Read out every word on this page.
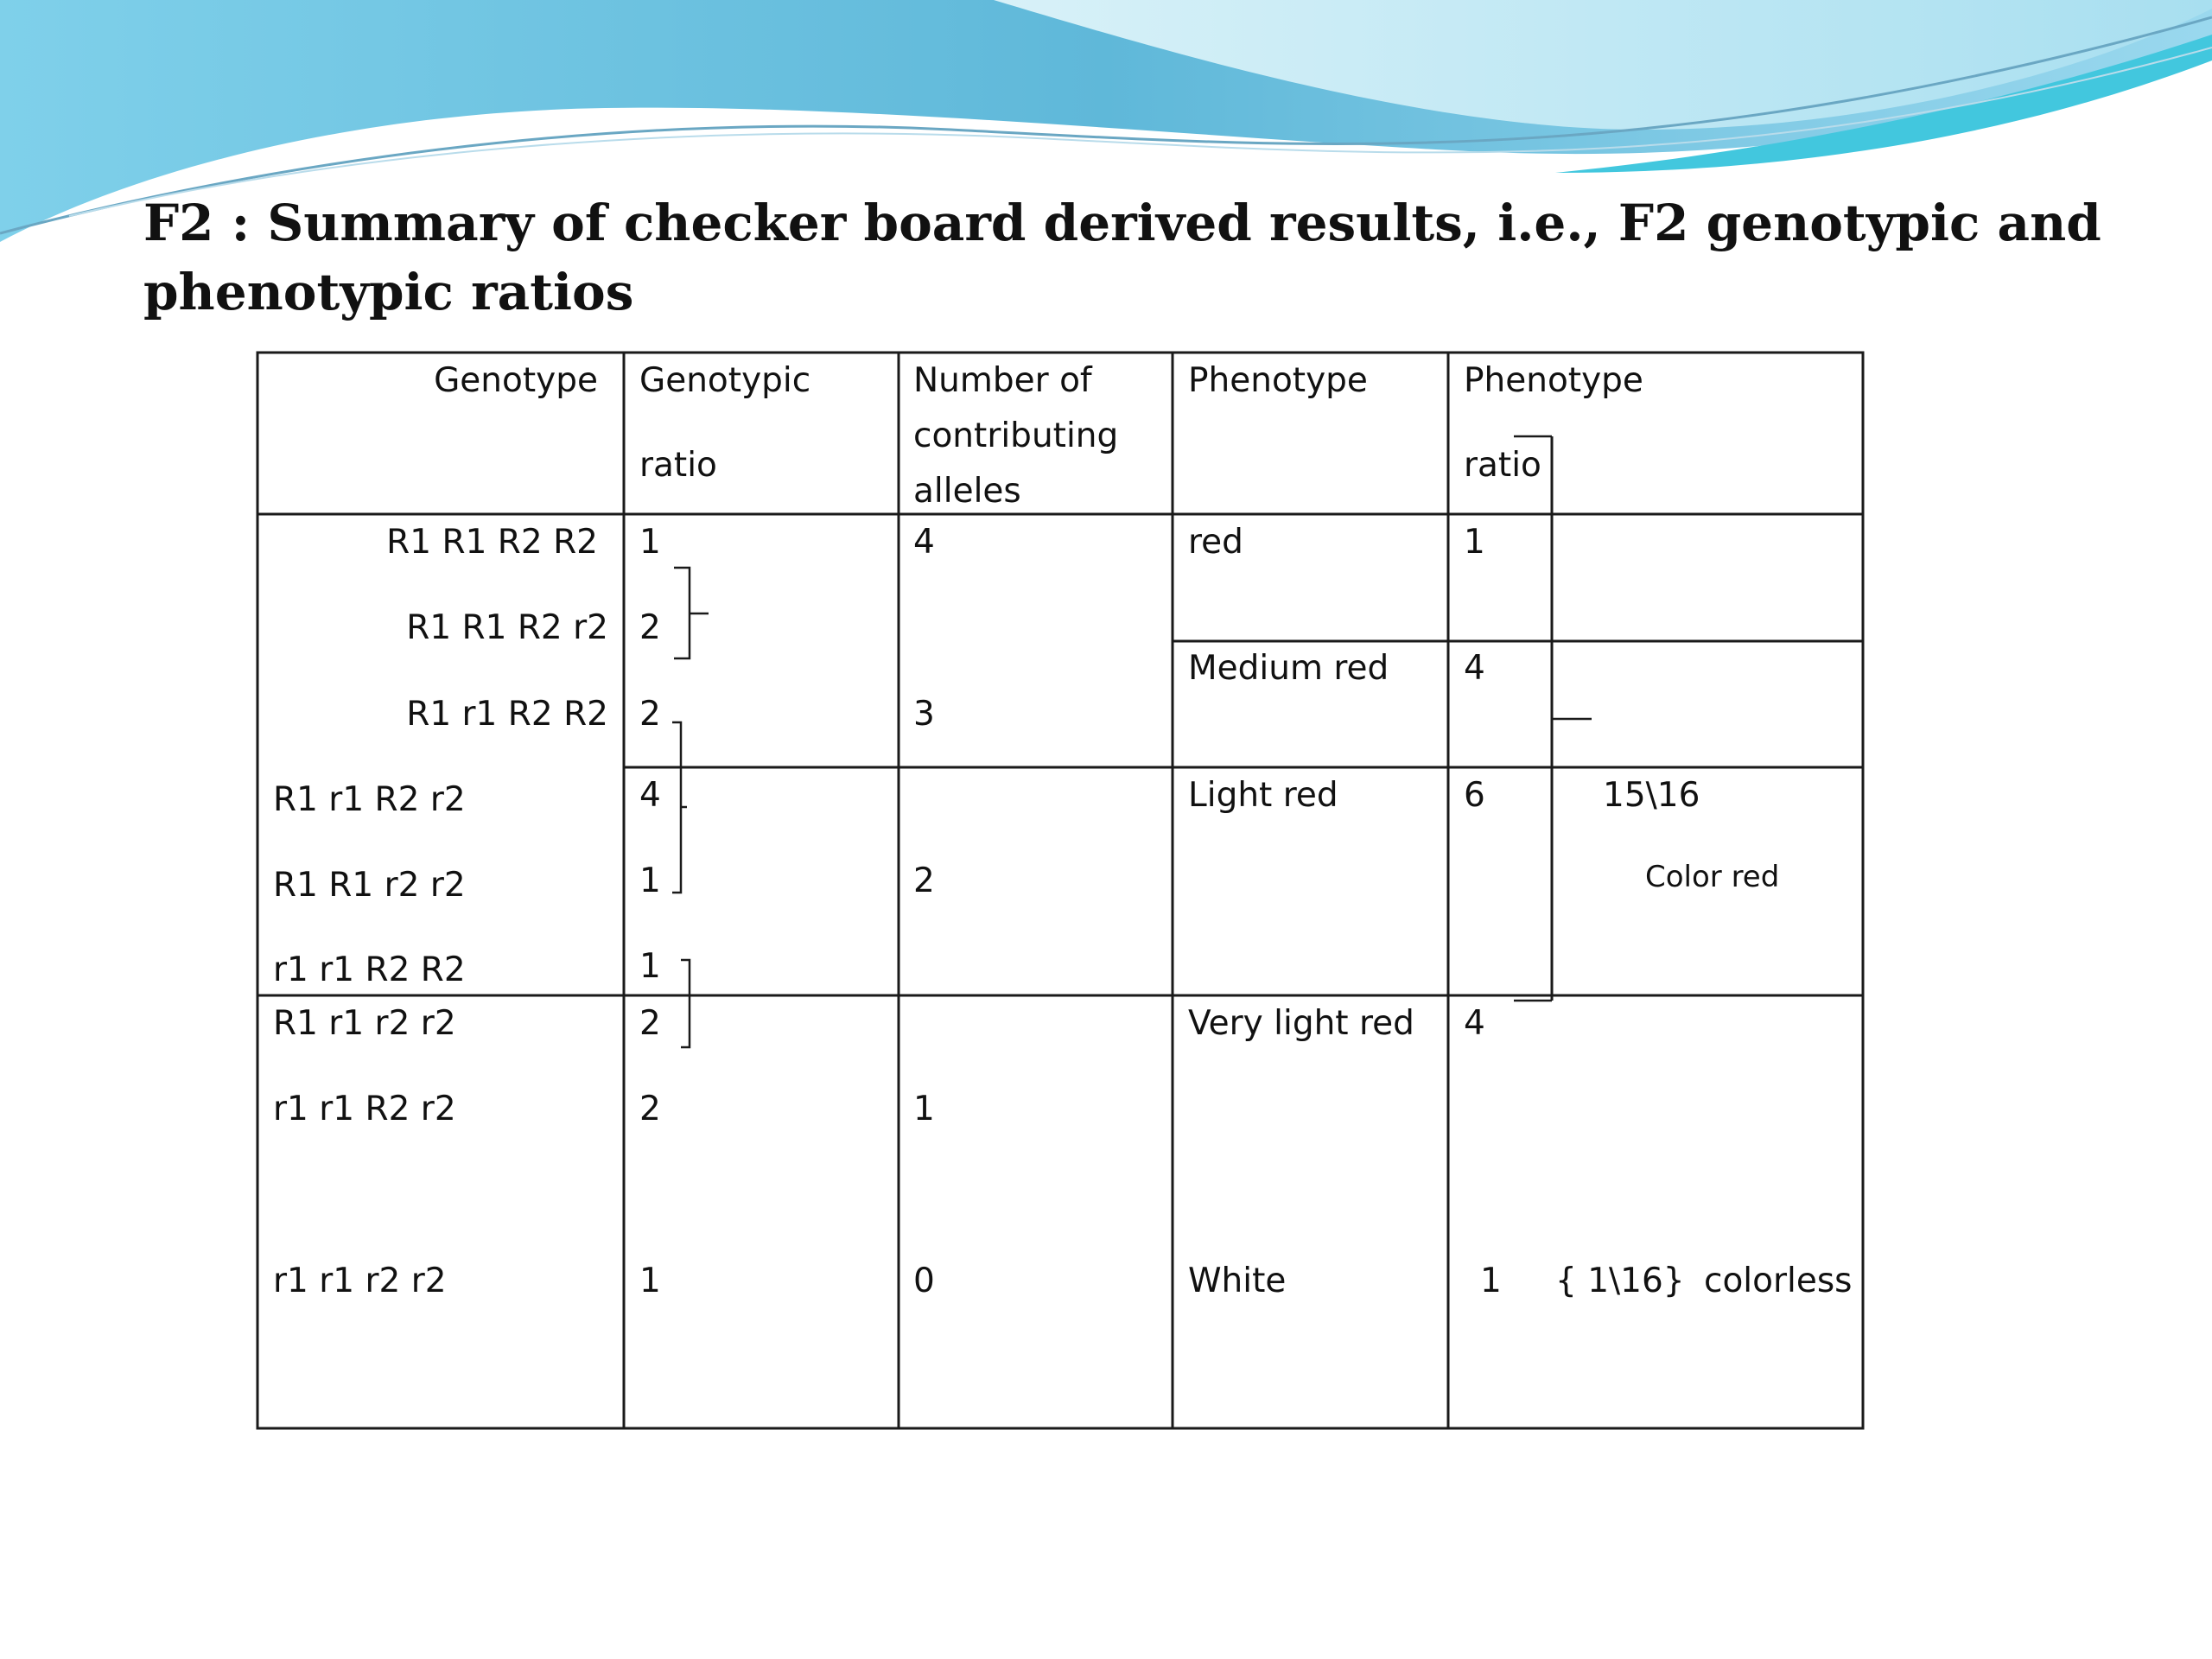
F2 : Summary of checker board derived results, i.e., F2 genotypic and phenotypic ratios
Genotype Genotypic
ratio
Number of
contributing
alleles
Phenotype	Phenotype
ratio
R1 R1 R2 R2
R1 R1 R2 r2
R1 r1 R2 R2
R1 r1 R2 r2
R1 R1 r2 r2
r1 r1 R2 R2
R1 r1 r2 r2
r1 r1 R2 r2
r1 r1 r2 r2
1
2
2
4
1
1
2
2
1
4
3
2
1
0
red
Medium red
Light red
Very light red
White
1
4
6
4
1
15\16
Color red
{ 1\16} colorless
